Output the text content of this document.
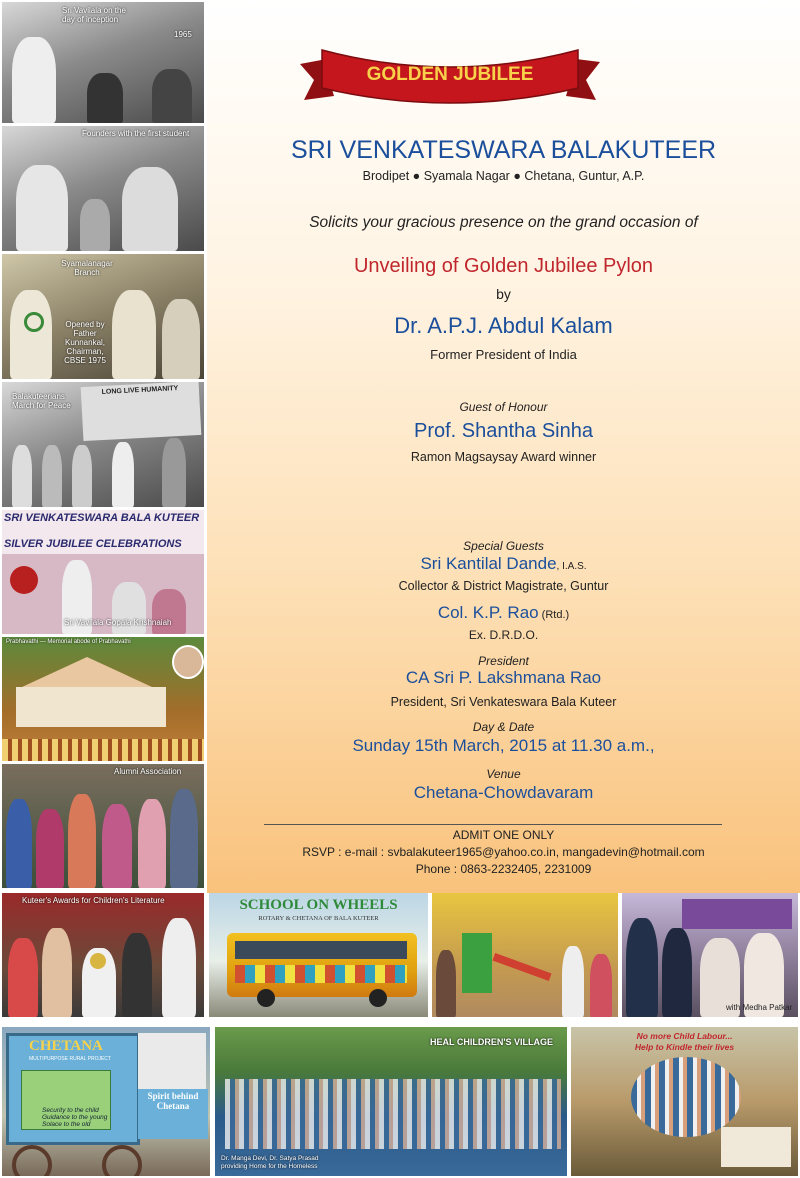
GOLDEN JUBILEE
SRI VENKATESWARA BALAKUTEER
Brodipet ● Syamala Nagar ● Chetana, Guntur, A.P.
Solicits your gracious presence on the grand occasion of
Unveiling of Golden Jubilee Pylon
by
Dr. A.P.J. Abdul Kalam
Former President of India
Guest of Honour
Prof. Shantha Sinha
Ramon Magsaysay Award winner
Special Guests
Sri Kantilal Dande, I.A.S.
Collector & District Magistrate, Guntur
Col. K.P. Rao (Rtd.)
Ex. D.R.D.O.
President
CA Sri P. Lakshmana Rao
President, Sri Venkateswara Bala Kuteer
Day & Date
Sunday 15th March, 2015 at 11.30 a.m.,
Venue
Chetana-Chowdavaram
ADMIT ONE ONLY
RSVP : e-mail : svbalakuteer1965@yahoo.co.in, mangadevin@hotmail.com
Phone : 0863-2232405, 2231009
Sri Vavilala on the day of inception
1965
Founders with the first student
Syamalanagar Branch
Opened by Father Kunnankal, Chairman, CBSE 1975
LONG LIVE HUMANITY
Balakuteerians March for Peace
SRI VENKATESWARA BALA KUTEER
SILVER JUBILEE CELEBRATIONS
Sri Vavilala Gopala Krishnaiah
Prabhavathi — Memorial abode of Prabhavathi
Alumni Association
Kuteer's Awards for Children's Literature	SCHOOL ON WHEELS
ROTARY & CHETANA OF BALA KUTEER
with Medha Patkar
CHETANA
MULTIPURPOSE RURAL PROJECT
Spirit behind Chetana
Security to the child
Guidance to the young
Solace to the old
HEAL CHILDREN'S VILLAGE
Dr. Manga Devi, Dr. Satya Prasad
providing Home for the Homeless
No more Child Labour...
Help to Kindle their lives
